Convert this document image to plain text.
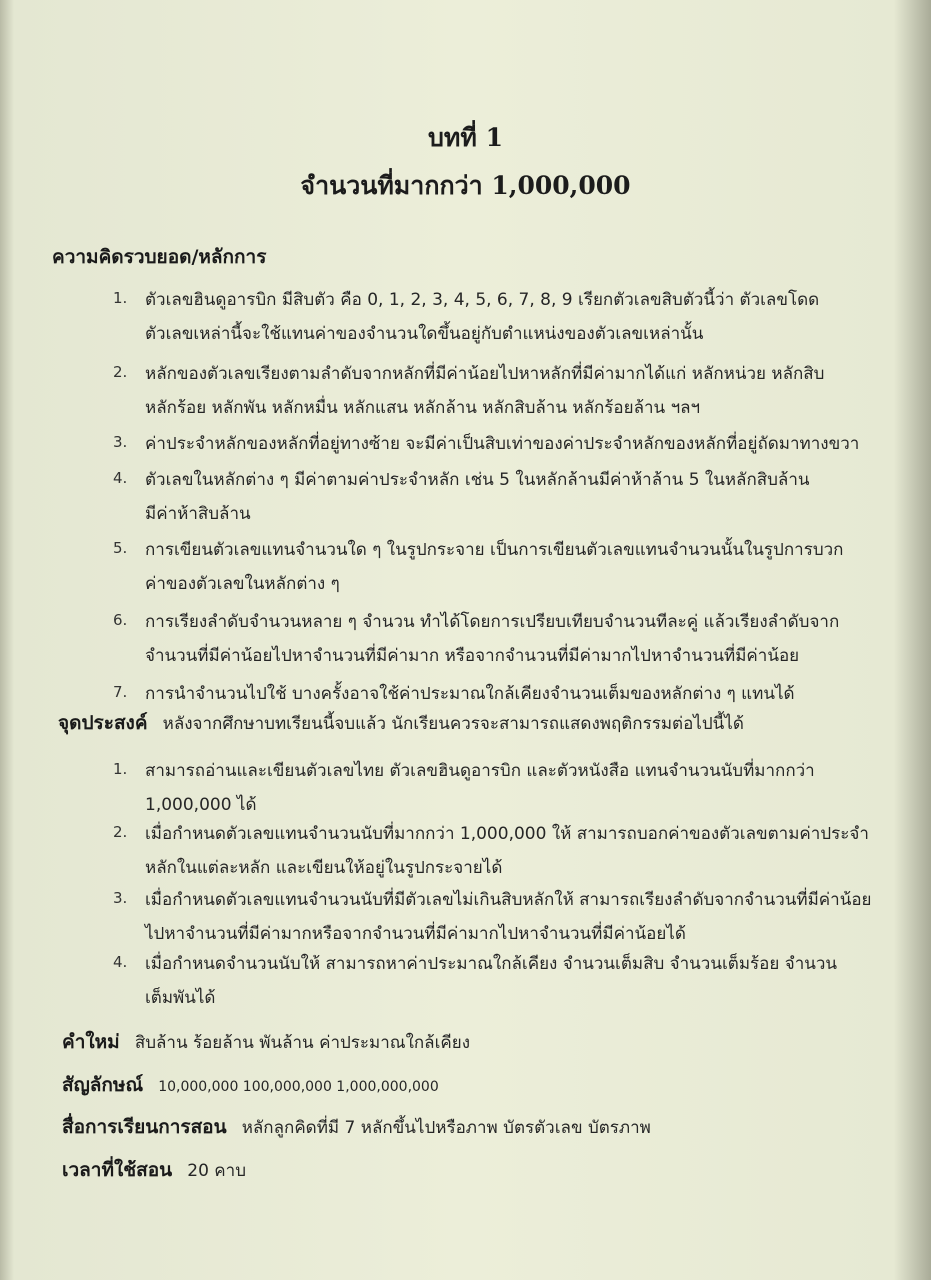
บทที่ 1
จำนวนที่มากกว่า 1,000,000
ความคิดรวบยอด/หลักการ
1. ตัวเลขฮินดูอารบิก มีสิบตัว คือ 0, 1, 2, 3, 4, 5, 6, 7, 8, 9 เรียกตัวเลขสิบตัวนี้ว่า ตัวเลขโดด
ตัวเลขเหล่านี้จะใช้แทนค่าของจำนวนใดขึ้นอยู่กับตำแหน่งของตัวเลขเหล่านั้น
2. หลักของตัวเลขเรียงตามลำดับจากหลักที่มีค่าน้อยไปหาหลักที่มีค่ามากได้แก่ หลักหน่วย หลักสิบ
หลักร้อย หลักพัน หลักหมื่น หลักแสน หลักล้าน หลักสิบล้าน หลักร้อยล้าน ฯลฯ
3. ค่าประจำหลักของหลักที่อยู่ทางซ้าย จะมีค่าเป็นสิบเท่าของค่าประจำหลักของหลักที่อยู่ถัดมาทางขวา
4. ตัวเลขในหลักต่าง ๆ มีค่าตามค่าประจำหลัก เช่น 5 ในหลักล้านมีค่าห้าล้าน 5 ในหลักสิบล้าน
มีค่าห้าสิบล้าน
5. การเขียนตัวเลขแทนจำนวนใด ๆ ในรูปกระจาย เป็นการเขียนตัวเลขแทนจำนวนนั้นในรูปการบวก
ค่าของตัวเลขในหลักต่าง ๆ
6. การเรียงลำดับจำนวนหลาย ๆ จำนวน ทำได้โดยการเปรียบเทียบจำนวนทีละคู่ แล้วเรียงลำดับจาก
จำนวนที่มีค่าน้อยไปหาจำนวนที่มีค่ามาก หรือจากจำนวนที่มีค่ามากไปหาจำนวนที่มีค่าน้อย
7. การนำจำนวนไปใช้ บางครั้งอาจใช้ค่าประมาณใกล้เคียงจำนวนเต็มของหลักต่าง ๆ แทนได้
จุดประสงค์ หลังจากศึกษาบทเรียนนี้จบแล้ว นักเรียนควรจะสามารถแสดงพฤติกรรมต่อไปนี้ได้
1. สามารถอ่านและเขียนตัวเลขไทย ตัวเลขฮินดูอารบิก และตัวหนังสือ แทนจำนวนนับที่มากกว่า
1,000,000 ได้
2. เมื่อกำหนดตัวเลขแทนจำนวนนับที่มากกว่า 1,000,000 ให้ สามารถบอกค่าของตัวเลขตามค่าประจำ
หลักในแต่ละหลัก และเขียนให้อยู่ในรูปกระจายได้
3. เมื่อกำหนดตัวเลขแทนจำนวนนับที่มีตัวเลขไม่เกินสิบหลักให้ สามารถเรียงลำดับจากจำนวนที่มีค่าน้อย
ไปหาจำนวนที่มีค่ามากหรือจากจำนวนที่มีค่ามากไปหาจำนวนที่มีค่าน้อยได้
4. เมื่อกำหนดจำนวนนับให้ สามารถหาค่าประมาณใกล้เคียง จำนวนเต็มสิบ จำนวนเต็มร้อย จำนวน
เต็มพันได้
คำใหม่ สิบล้าน ร้อยล้าน พันล้าน ค่าประมาณใกล้เคียง
สัญลักษณ์ 10,000,000 100,000,000 1,000,000,000
สื่อการเรียนการสอน หลักลูกคิดที่มี 7 หลักขึ้นไปหรือภาพ บัตรตัวเลข บัตรภาพ
เวลาที่ใช้สอน 20 คาบ
